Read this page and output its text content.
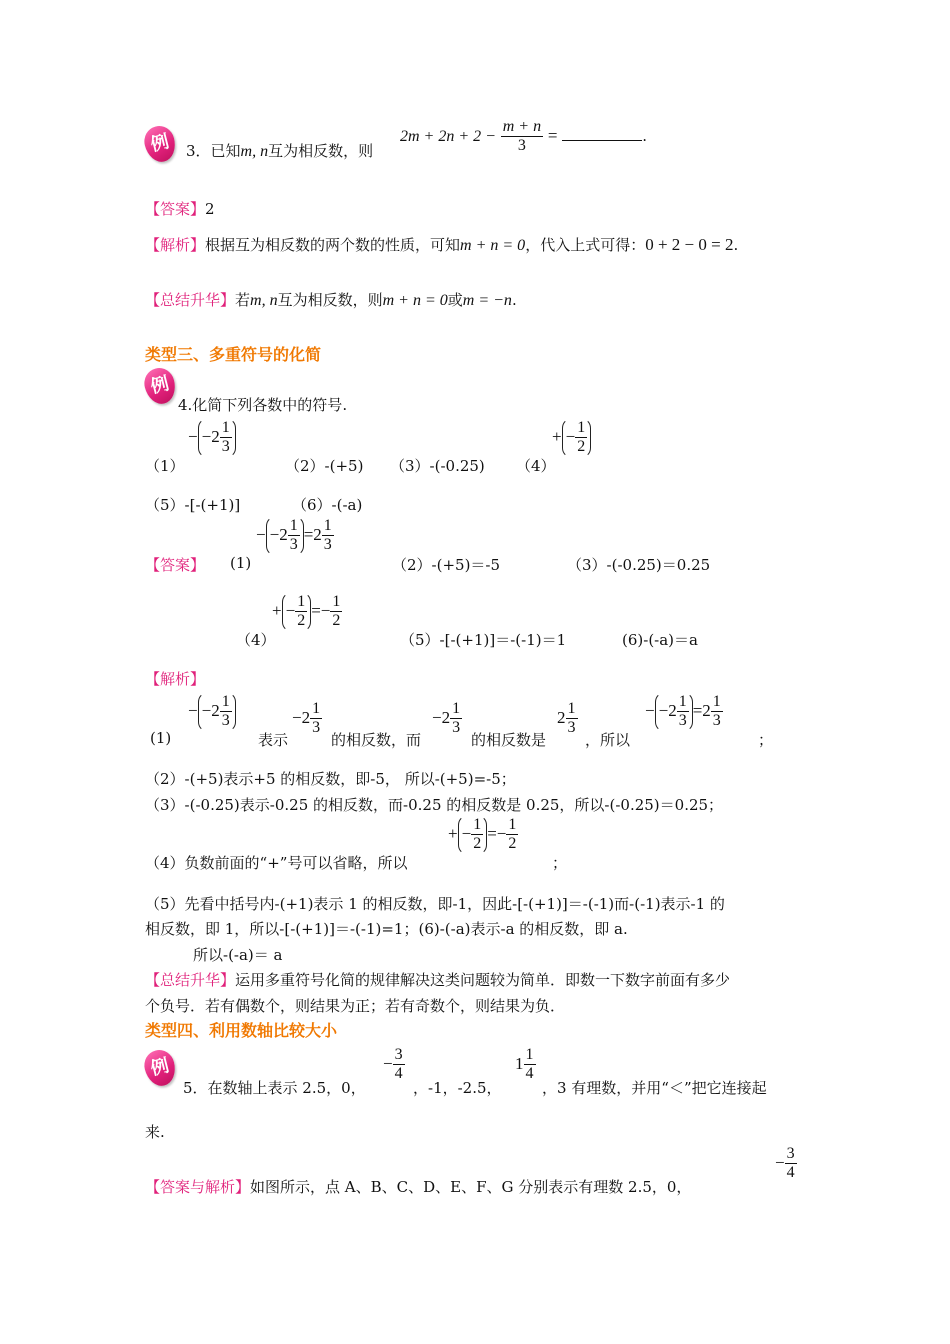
例 3．已知m, n互为相反数，则
$2m + 2n + 2 - \frac{m + n}{3}$ =	.
【答案】2
【解析】根据互为相反数的两个数的性质，可知m + n = 0，代入上式可得：0 + 2 − 0 = 2.
【总结升华】若m, n互为相反数，则m + n = 0或m = −n.
类型三、多重符号的化简
例
4.化简下列各数中的符号.
（1）
− $-2 \frac{1}{3}$
（2）-(+5) （3）-(-0.25) （4）
+ − $\frac{1}{2}$
（5）-[-(+1)]	（6）-(-a)
【答案】 (1)
− $-2 \frac{1}{3} =2 \frac{1}{3}$
（2）-(+5)＝-5	（3）-(-0.25)＝0.25
（4）
+ − $\frac{1}{2} =- \frac{1}{2}$
（5）-[-(+1)]＝-(-1)＝1	(6)-(-a)＝a
【解析】
(1)
− $-2 \frac{1}{3}$
表示
$-2 \frac{1}{3}$
的相反数，而
$-2 \frac{1}{3}$
的相反数是
$2 \frac{1}{3}$
，所以
− $-2 \frac{1}{3} =2 \frac{1}{3}$
；
（2）-(+5)表示+5 的相反数，即-5， 所以-(+5)=-5；
（3）-(-0.25)表示-0.25 的相反数，而-0.25 的相反数是 0.25，所以-(-0.25)＝0.25；
（4）负数前面的“+”号可以省略，所以
+ − $\frac{1}{2} =- \frac{1}{2}$
；
（5）先看中括号内-(+1)表示 1 的相反数，即-1，因此-[-(+1)]＝-(-1)而-(-1)表示-1 的
相反数，即 1，所以-[-(+1)]＝-(-1)=1；(6)-(-a)表示-a 的相反数，即 a.
所以-(-a)＝ a
【总结升华】运用多重符号化简的规律解决这类问题较为简单．即数一下数字前面有多少
个负号．若有偶数个，则结果为正；若有奇数个，则结果为负．
类型四、利用数轴比较大小
例
5．在数轴上表示 2.5，0，
− $\frac{3}{4}$
，-1，-2.5，
$1 \frac{1}{4}$
，3 有理数，并用“＜”把它连接起
来.
【答案与解析】如图所示，点 A、B、C、D、E、F、G 分别表示有理数 2.5，0，
− $\frac{3}{4}$
